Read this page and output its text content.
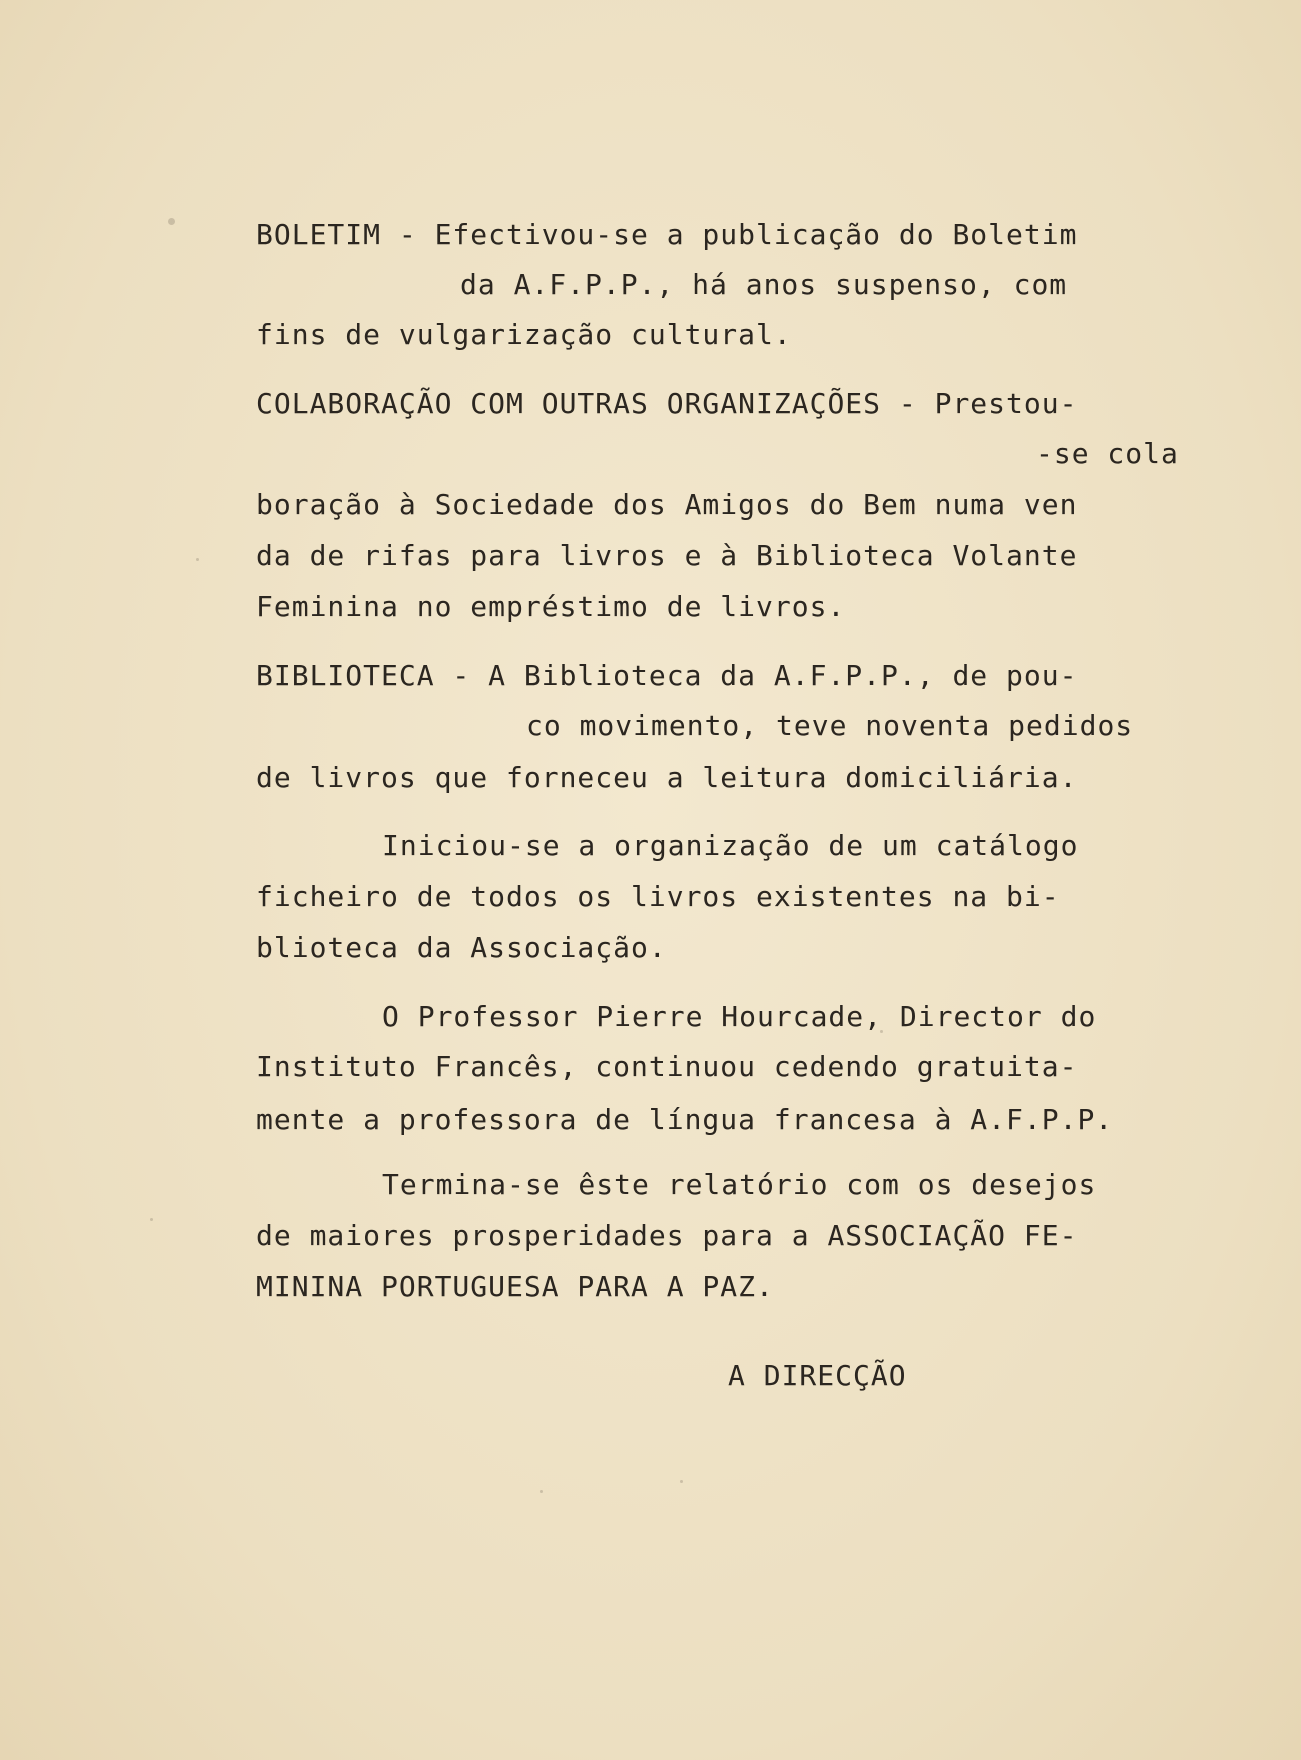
BOLETIM - Efectivou-se a publicação do Boletim
da A.F.P.P., há anos suspenso, com
fins de vulgarização cultural.
COLABORAÇÃO COM OUTRAS ORGANIZAÇÕES - Prestou-
-se cola
boração à Sociedade dos Amigos do Bem numa ven
da de rifas para livros e à Biblioteca Volante
Feminina no empréstimo de livros.
BIBLIOTECA - A Biblioteca da A.F.P.P., de pou-
co movimento, teve noventa pedidos
de livros que forneceu a leitura domiciliária.
Iniciou-se a organização de um catálogo
ficheiro de todos os livros existentes na bi-
blioteca da Associação.
O Professor Pierre Hourcade, Director do
Instituto Francês, continuou cedendo gratuita-
mente a professora de língua francesa à A.F.P.P.
Termina-se êste relatório com os desejos
de maiores prosperidades para a ASSOCIAÇÃO FE-
MININA PORTUGUESA PARA A PAZ.
A DIRECÇÃO
